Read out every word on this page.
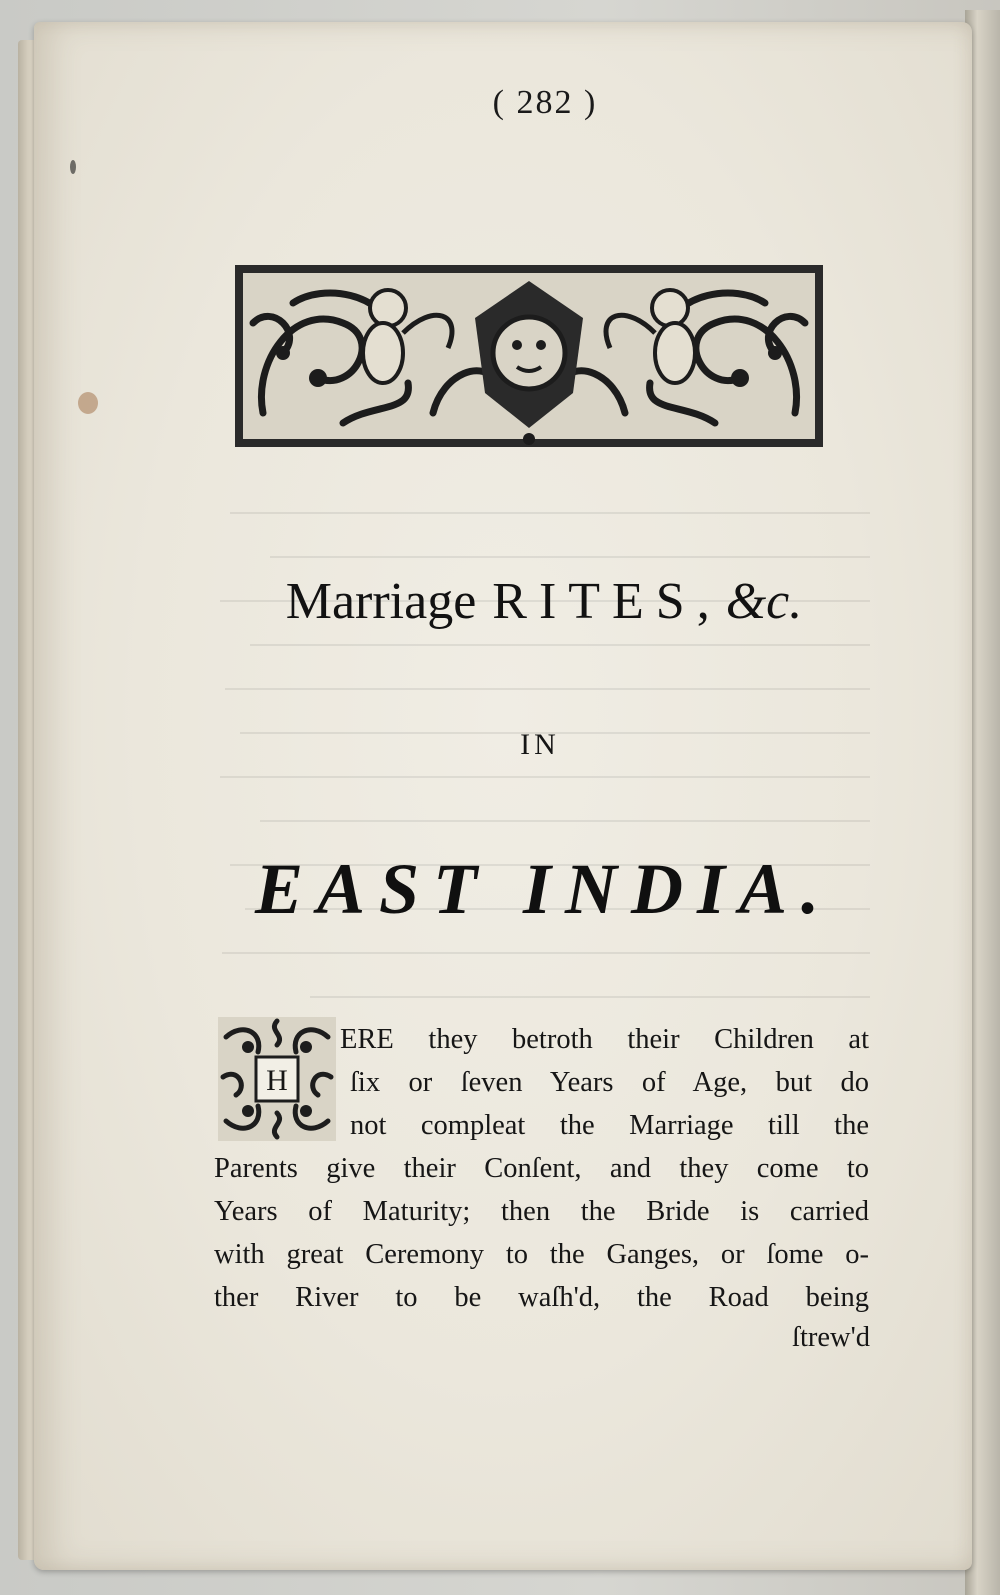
( 282 )
Marriage RITES,&c.
IN
EAST INDIA.
H
ERE they betroth their Children at
ſix or ſeven Years of Age, but do
not compleat the Marriage till the
Parents give their Conſent, and they come to
Years of Maturity; then the Bride is carried
with great Ceremony to the Ganges, or ſome o-
ther River to be waſh'd, the Road being
ſtrew'd
